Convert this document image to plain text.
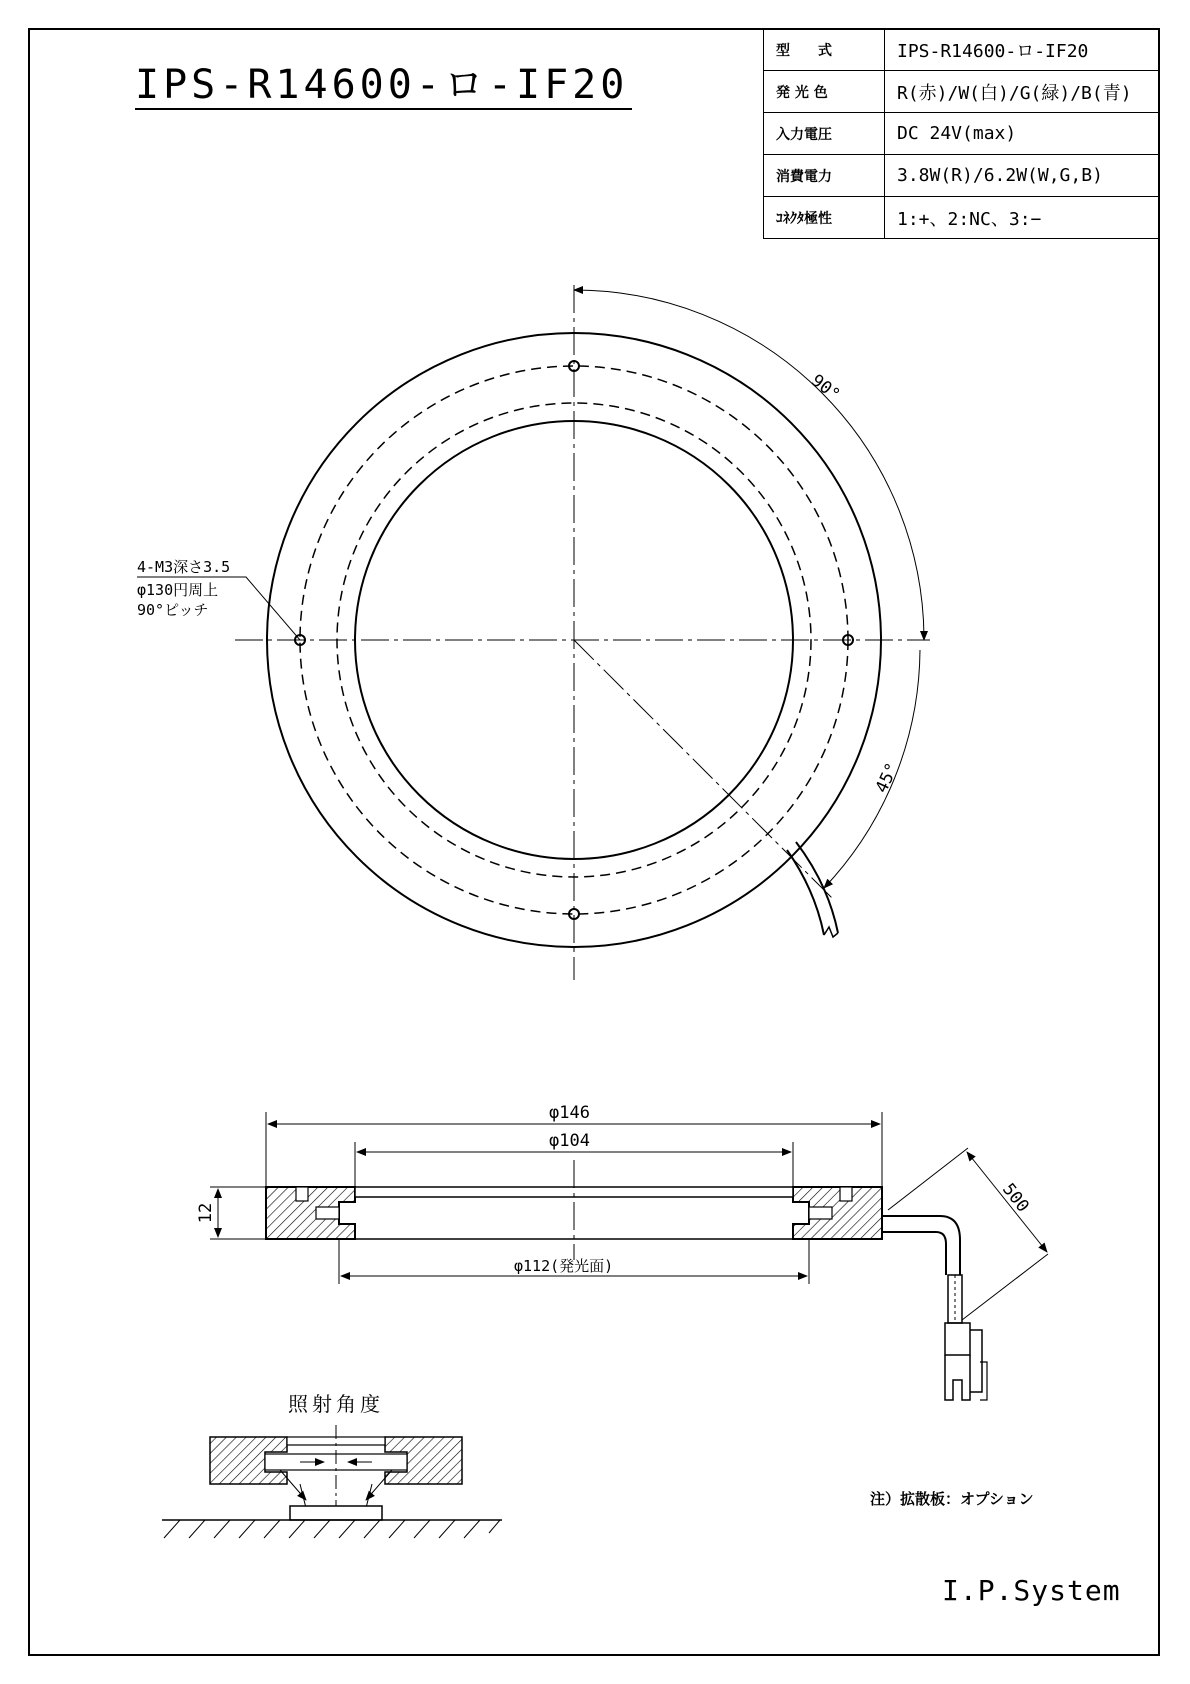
IPS-R14600-ロ-IF20
型　　式	IPS-R14600-ロ-IF20
発 光 色	R(赤)/W(白)/G(緑)/B(青)
入力電圧	DC 24V(max)
消費電力	3.8W(R)/6.2W(W,G,B)
ｺﾈｸﾀ極性	1:+、2:NC、3:−
90°
45°
4-M3深さ3.5
φ130円周上
90°ピッチ
φ146
φ104
φ112(発光面)
12	500
照射角度
注）拡散板：オプション
I.P.System
